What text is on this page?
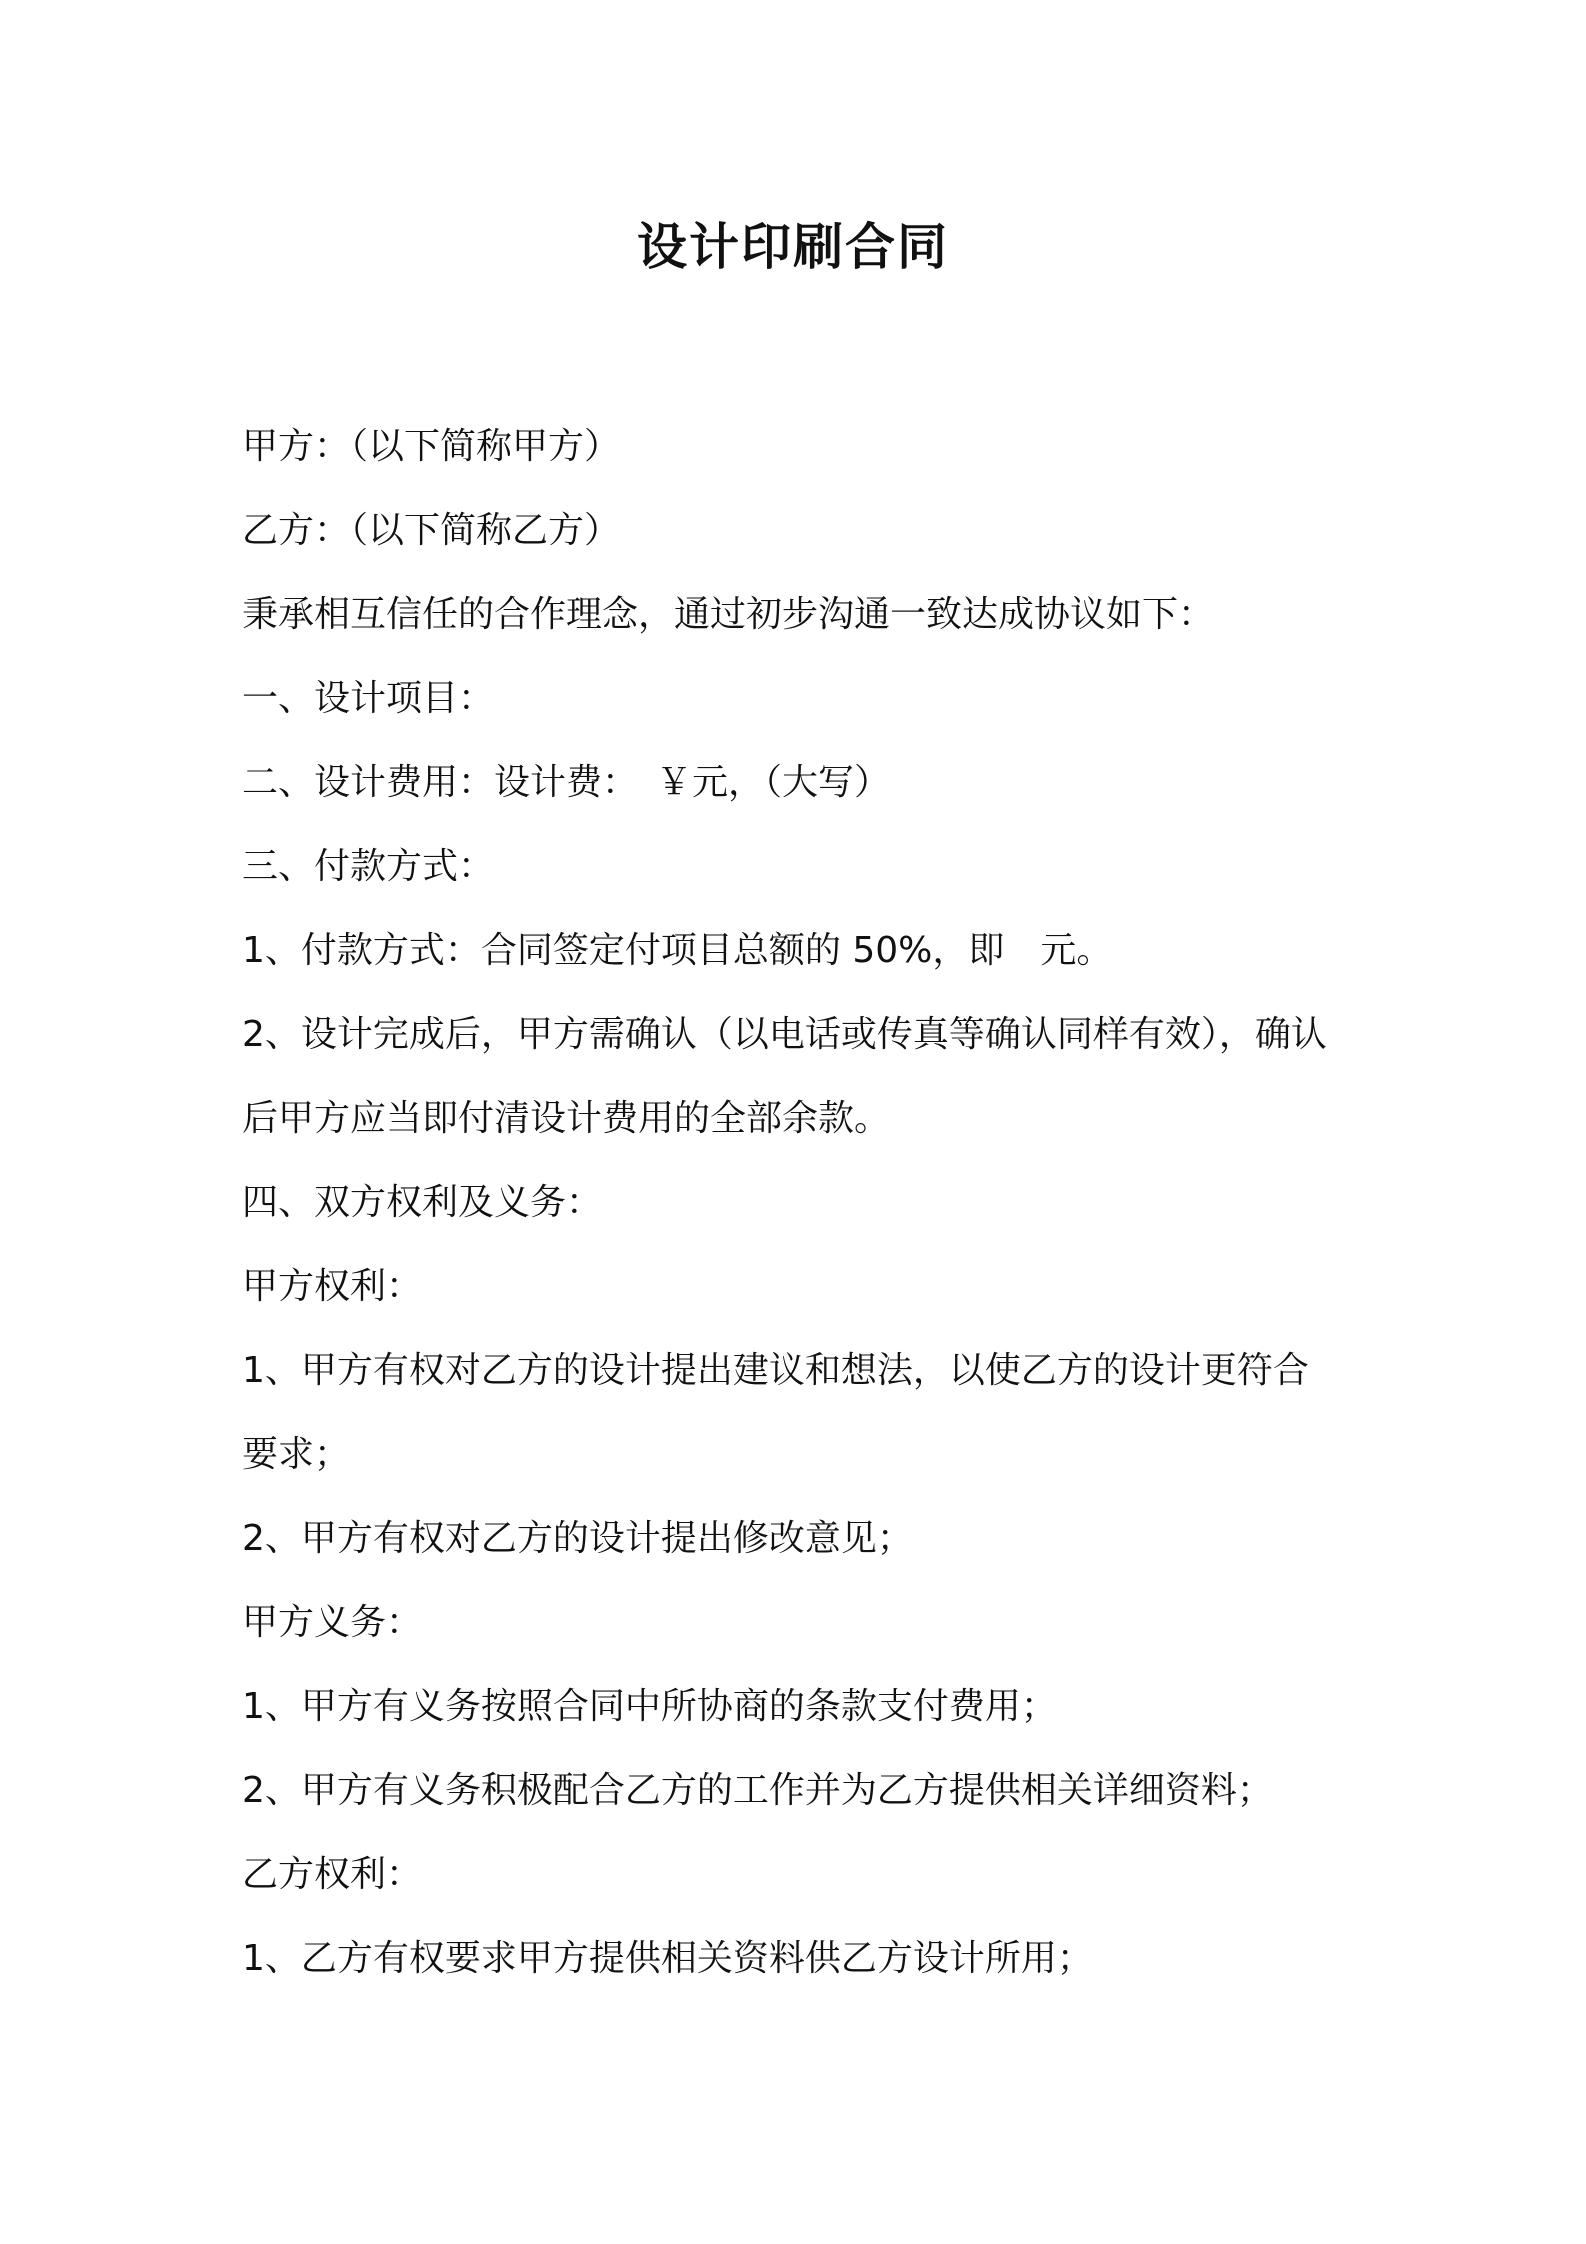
设计印刷合同
甲方：（以下简称甲方）
乙方：（以下简称乙方）
秉承相互信任的合作理念，通过初步沟通一致达成协议如下：
一、设计项目：
二、设计费用：设计费：　￥元，（大写）
三、付款方式：
1、付款方式：合同签定付项目总额的 50%，即　元。
2、设计完成后，甲方需确认（以电话或传真等确认同样有效），确认
后甲方应当即付清设计费用的全部余款。
四、双方权利及义务：
甲方权利：
1、甲方有权对乙方的设计提出建议和想法，以使乙方的设计更符合
要求；
2、甲方有权对乙方的设计提出修改意见；
甲方义务：
1、甲方有义务按照合同中所协商的条款支付费用；
2、甲方有义务积极配合乙方的工作并为乙方提供相关详细资料；
乙方权利：
1、乙方有权要求甲方提供相关资料供乙方设计所用；
